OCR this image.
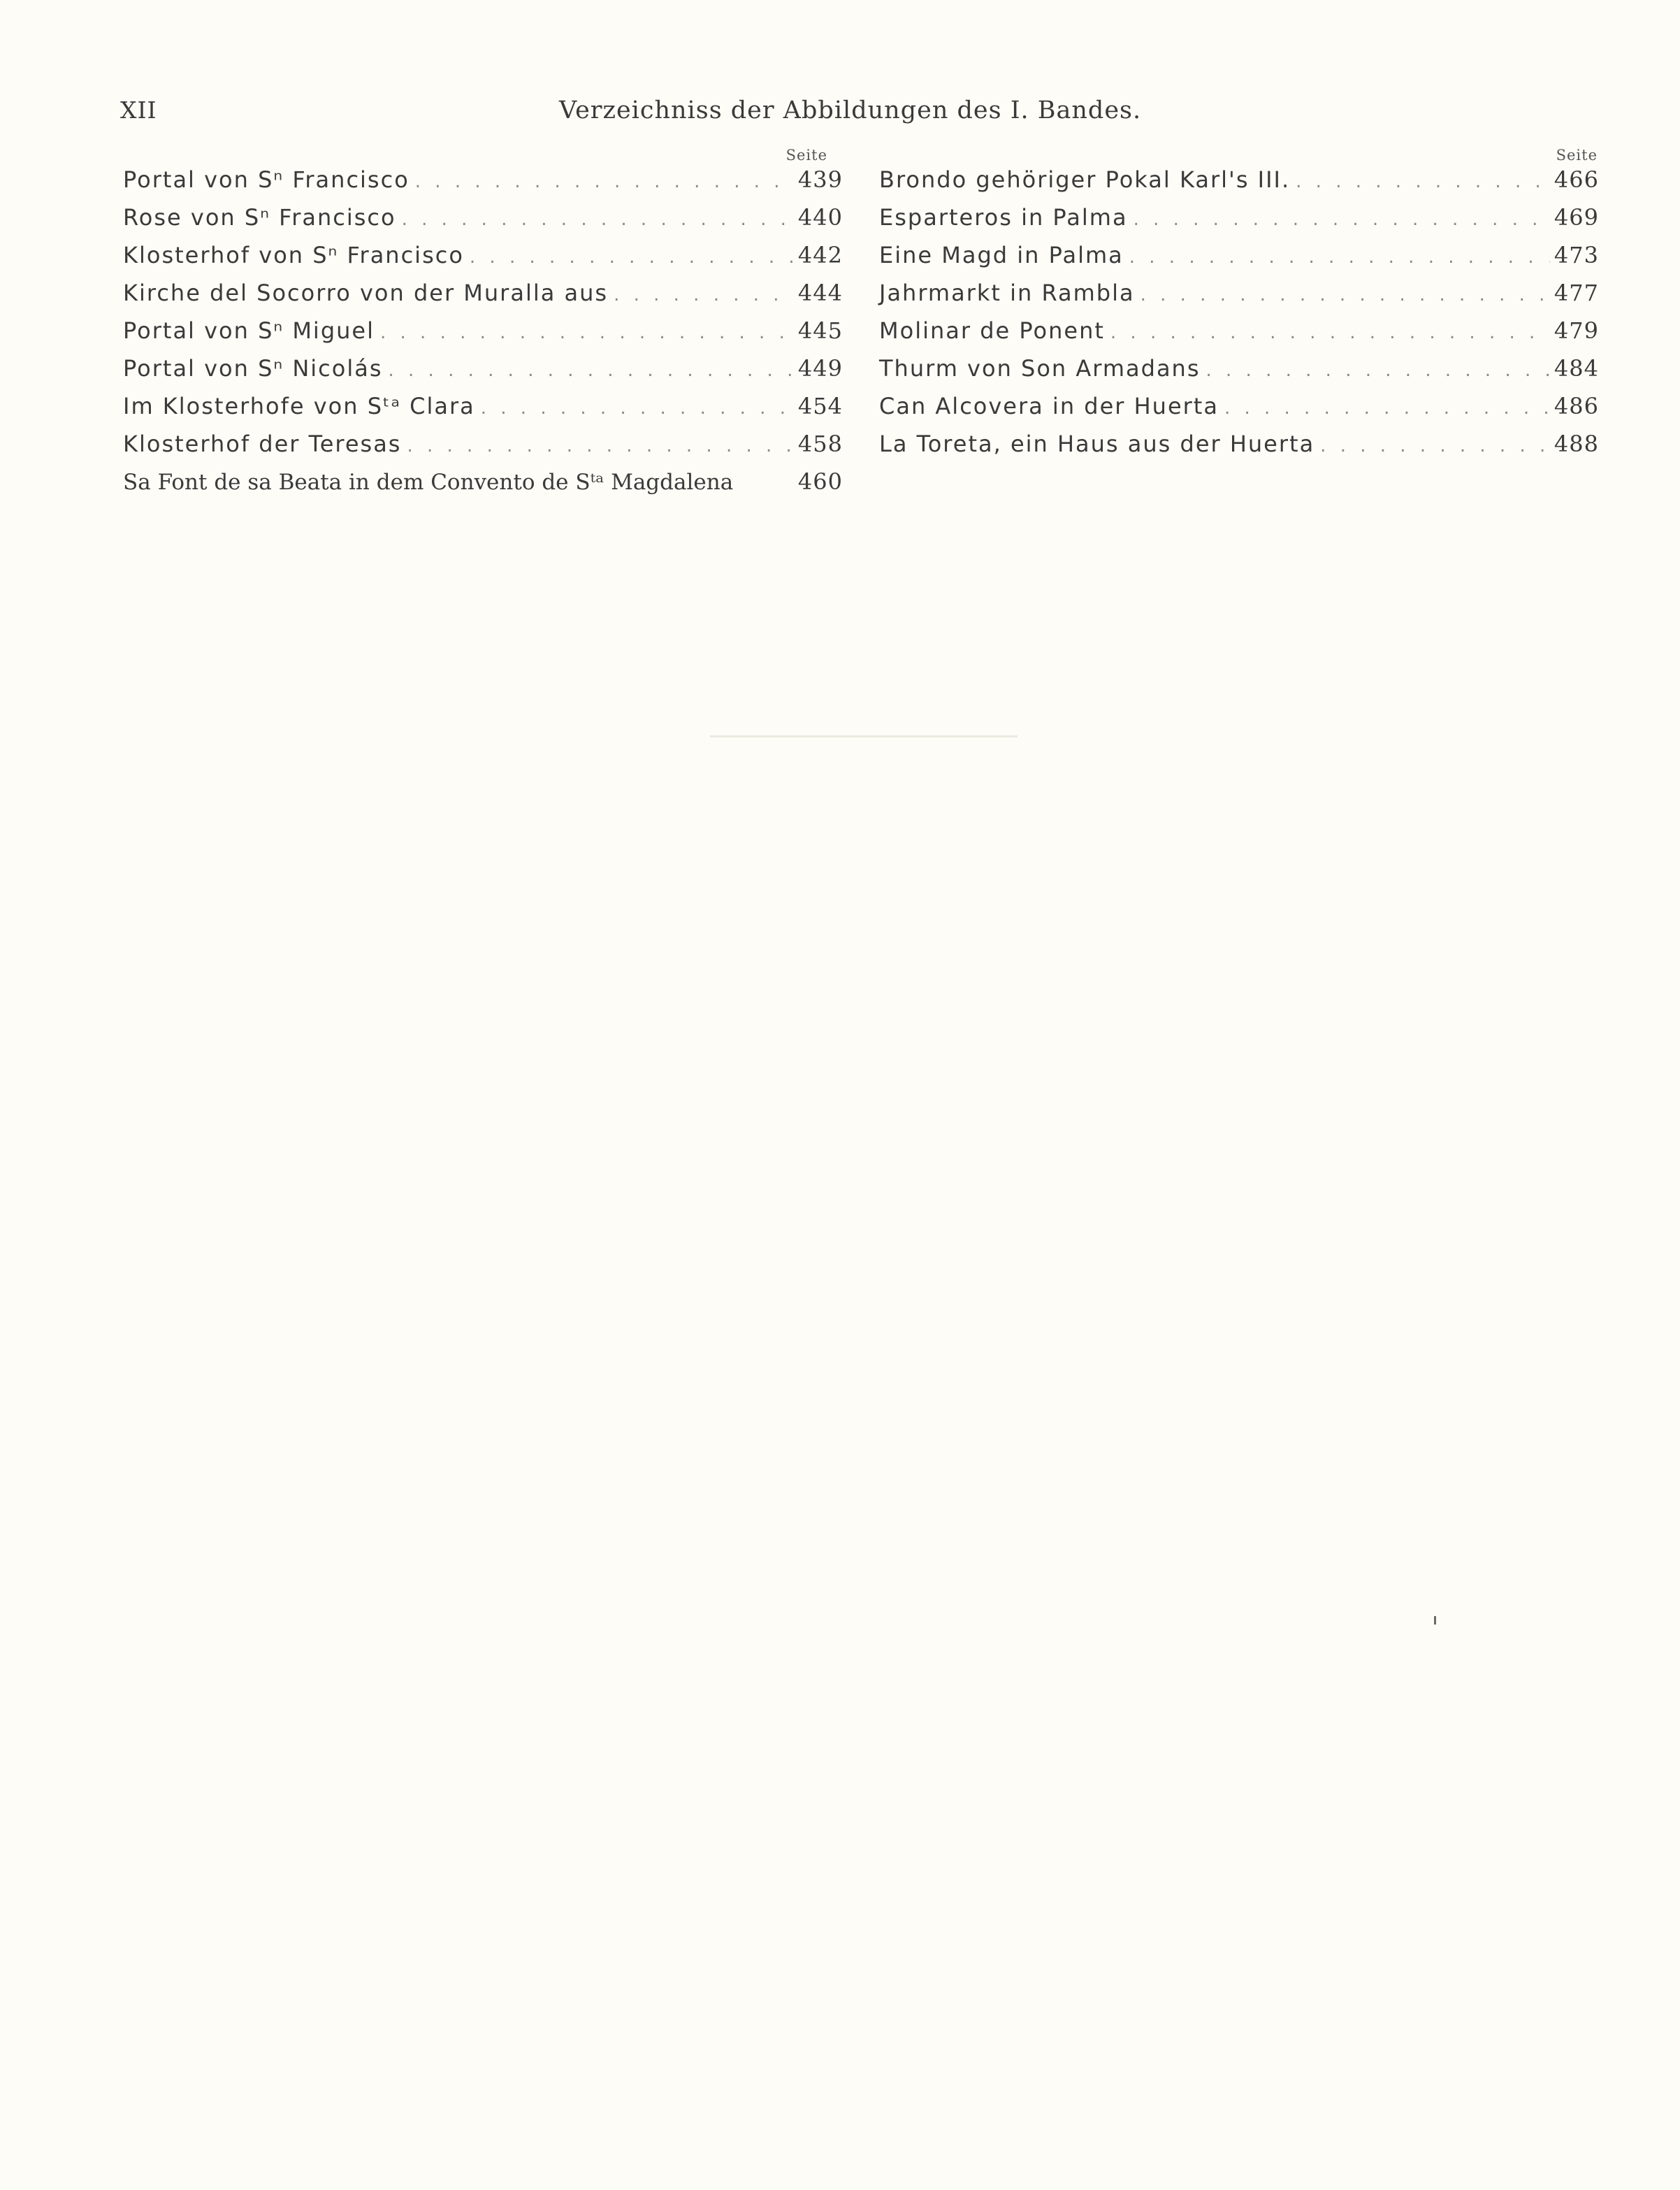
XII	Verzeichniss der Abbildungen des I. Bandes.
Seite
Portal von Sⁿ Francisco . . .	439
Rose von Sⁿ Francisco . . .	440
Klosterhof von Sⁿ Francisco . . .	442
Kirche del Socorro von der Muralla aus . . .	444
Portal von Sⁿ Miguel . . .	445
Portal von Sⁿ Nicolás . . .	449
Im Klosterhofe von Sᵗᵃ Clara . . .	454
Klosterhof der Teresas . . .	458
Sa Font de sa Beata in dem Convento de Sᵗᵃ Magdalena	460
Seite
Brondo gehöriger Pokal Karl's III. . . .	466
Esparteros in Palma . . .	469
Eine Magd in Palma . . .	473
Jahrmarkt in Rambla . . .	477
Molinar de Ponent . . .	479
Thurm von Son Armadans . . .	484
Can Alcovera in der Huerta . . .	486
La Toreta, ein Haus aus der Huerta . . .	488
